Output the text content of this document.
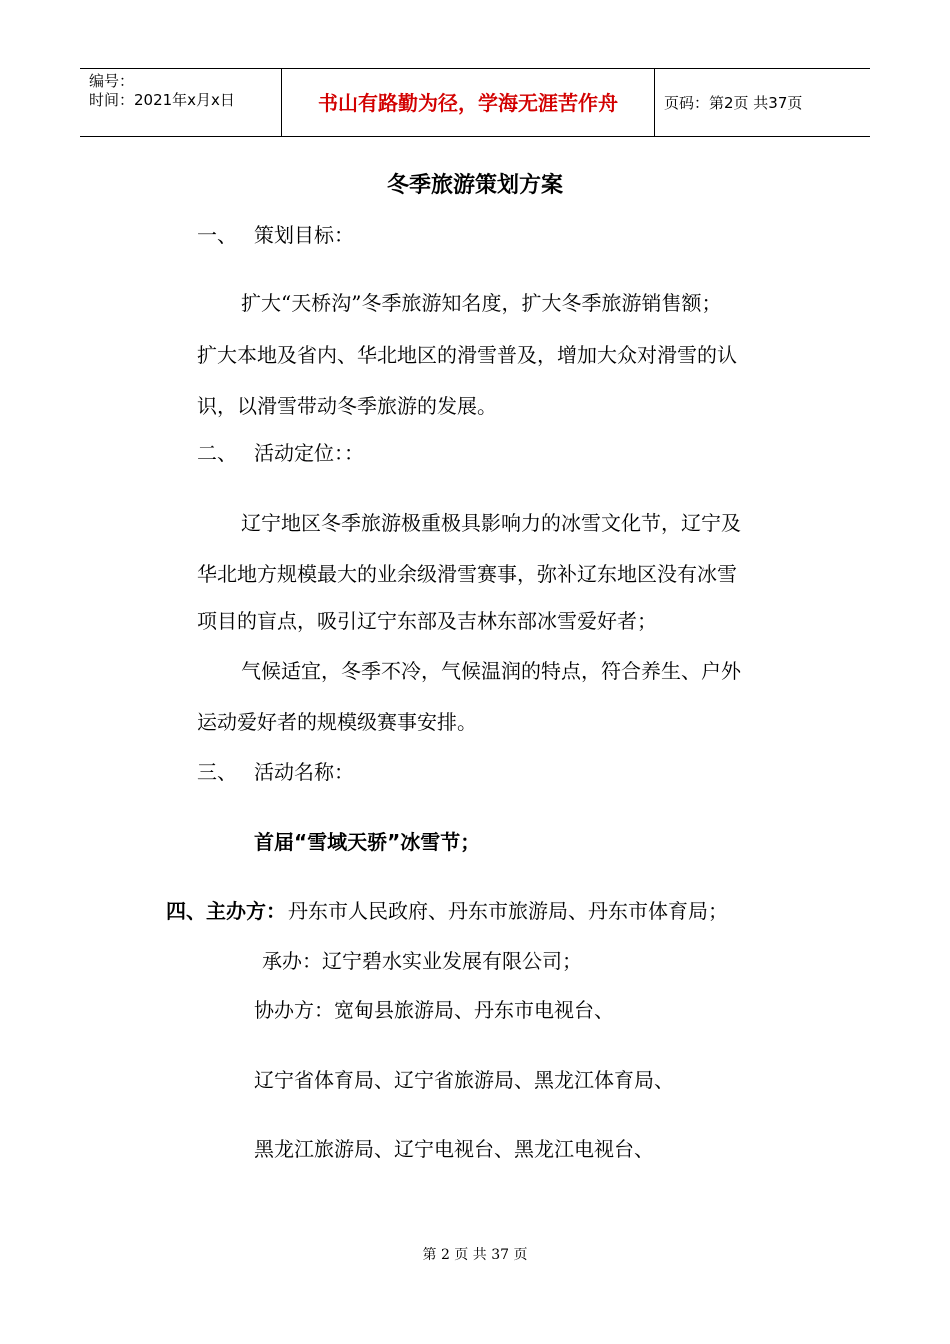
编号：
时间：2021年x月x日	书山有路勤为径，学海无涯苦作舟	页码：第2页 共37页
冬季旅游策划方案
一、 策划目标：
扩大“天桥沟”冬季旅游知名度，扩大冬季旅游销售额；
扩大本地及省内、华北地区的滑雪普及，增加大众对滑雪的认
识，以滑雪带动冬季旅游的发展。
二、 活动定位：：
辽宁地区冬季旅游极重极具影响力的冰雪文化节，辽宁及
华北地方规模最大的业余级滑雪赛事，弥补辽东地区没有冰雪
项目的盲点，吸引辽宁东部及吉林东部冰雪爱好者；
气候适宜，冬季不冷，气候温润的特点，符合养生、户外
运动爱好者的规模级赛事安排。
三、 活动名称：
首届“雪域天骄”冰雪节；
四、主办方： 丹东市人民政府、丹东市旅游局、丹东市体育局；
承办：辽宁碧水实业发展有限公司；
协办方：宽甸县旅游局、丹东市电视台、
辽宁省体育局、辽宁省旅游局、黑龙江体育局、
黑龙江旅游局、辽宁电视台、黑龙江电视台、
第 2 页 共 37 页
